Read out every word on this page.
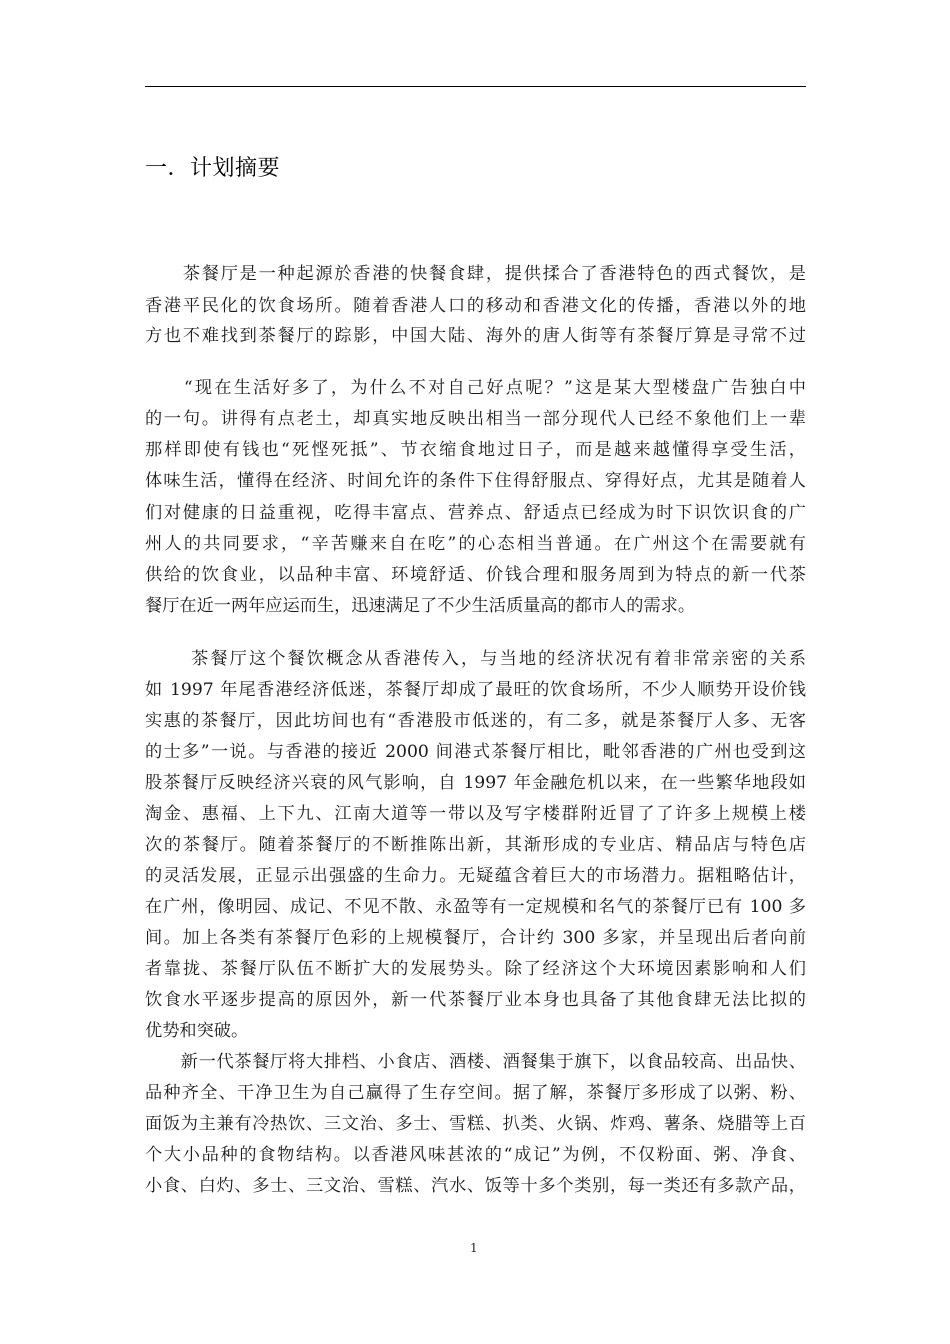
一．计划摘要
　　茶餐厅是一种起源於香港的快餐食肆，提供揉合了香港特色的西式餐饮，是
香港平民化的饮食场所。随着香港人口的移动和香港文化的传播，香港以外的地
方也不难找到茶餐厅的踪影，中国大陆、海外的唐人街等有茶餐厅算是寻常不过
　　“现在生活好多了，为什么不对自己好点呢？”这是某大型楼盘广告独白中
的一句。讲得有点老土，却真实地反映出相当一部分现代人已经不象他们上一辈
那样即使有钱也“死悭死抵”、节衣缩食地过日子，而是越来越懂得享受生活，
体味生活，懂得在经济、时间允许的条件下住得舒服点、穿得好点，尤其是随着人
们对健康的日益重视，吃得丰富点、营养点、舒适点已经成为时下识饮识食的广
州人的共同要求，“辛苦赚来自在吃”的心态相当普通。在广州这个在需要就有
供给的饮食业，以品种丰富、环境舒适、价钱合理和服务周到为特点的新一代茶
餐厅在近一两年应运而生，迅速满足了不少生活质量高的都市人的需求。
　　 茶餐厅这个餐饮概念从香港传入，与当地的经济状况有着非常亲密的关系
如 1997 年尾香港经济低迷，茶餐厅却成了最旺的饮食场所，不少人顺势开设价钱
实惠的茶餐厅，因此坊间也有“香港股市低迷的，有二多，就是茶餐厅人多、无客
的士多”一说。与香港的接近 2000 间港式茶餐厅相比，毗邻香港的广州也受到这
股茶餐厅反映经济兴衰的风气影响，自 1997 年金融危机以来，在一些繁华地段如
淘金、惠福、上下九、江南大道等一带以及写字楼群附近冒了了许多上规模上楼
次的茶餐厅。随着茶餐厅的不断推陈出新，其渐形成的专业店、精品店与特色店
的灵活发展，正显示出强盛的生命力。无疑蕴含着巨大的市场潜力。据粗略估计，
在广州，像明园、成记、不见不散、永盈等有一定规模和名气的茶餐厅已有 100 多
间。加上各类有茶餐厅色彩的上规模餐厅，合计约 300 多家，并呈现出后者向前
者靠拢、茶餐厅队伍不断扩大的发展势头。除了经济这个大环境因素影响和人们
饮食水平逐步提高的原因外，新一代茶餐厅业本身也具备了其他食肆无法比拟的
优势和突破。
　　新一代茶餐厅将大排档、小食店、酒楼、酒餐集于旗下，以食品较高、出品快、
品种齐全、干净卫生为自己赢得了生存空间。据了解，茶餐厅多形成了以粥、粉、
面饭为主兼有冷热饮、三文治、多士、雪糕、扒类、火锅、炸鸡、薯条、烧腊等上百
个大小品种的食物结构。以香港风味甚浓的“成记”为例，不仅粉面、粥、净食、
小食、白灼、多士、三文治、雪糕、汽水、饭等十多个类别，每一类还有多款产品，
1
